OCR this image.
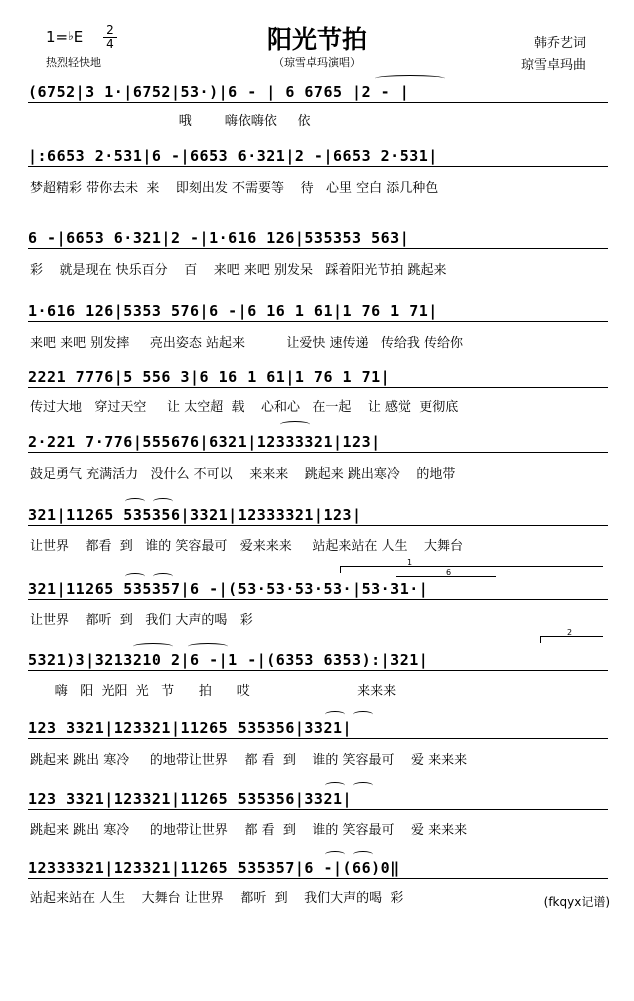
1=♭E $\frac{2}{4}$
热烈轻快地
阳光节拍
（琼雪卓玛演唱）
韩乔艺词
琼雪卓玛曲
(6752|3 1·|6752|53·)|6 - | 6 6765 |2 - |
哦        嗨依嗨依     依
|:6653 2·531|6 -|6653 6·321|2 -|6653 2·531|
梦超精彩 带你去未  来    即刻出发 不需要等    待   心里 空白 添几种色
6 -|6653 6·321|2 -|1·616 126|535353 563|
彩    就是现在 快乐百分    百    来吧 来吧 别发呆   踩着阳光节拍 跳起来
1·616 126|5353 576|6 -|6 16 1 61|1 76 1 71|
来吧 来吧 别发摔     亮出姿态 站起来          让爱快 速传递   传给我 传给你
2221 7776|5 556 3|6 16 1 61|1 76 1 71|
传过大地   穿过天空     让 太空超  载    心和心   在一起    让 感觉  更彻底
2·221 7·776|555676|6321|12333321|123|
鼓足勇气 充满活力   没什么 不可以    来来来    跳起来 跳出寒冷    的地带
321|11265 535356|3321|12333321|123|
让世界    都看  到   谁的 笑容最可   爱来来来     站起来站在 人生    大舞台
1
6
321|11265 535357|6 -|(53·53·53·53·|53·31·|
让世界    都听  到   我们 大声的喝   彩
2
5321)3|3213210 2|6 -|1 -|(6353 6353):|321|
嗨   阳  光阳  光   节      拍      哎                          来来来
123 3321|123321|11265 535356|3321|
跳起来 跳出 寒冷     的地带让世界    都 看  到    谁的 笑容最可    爱 来来来
123 3321|123321|11265 535356|3321|
跳起来 跳出 寒冷     的地带让世界    都 看  到    谁的 笑容最可    爱 来来来
12333321|123321|11265 535357|6 -|(66)0‖
站起来站在 人生    大舞台 让世界    都听  到    我们大声的喝  彩	(fkqyx记谱)
